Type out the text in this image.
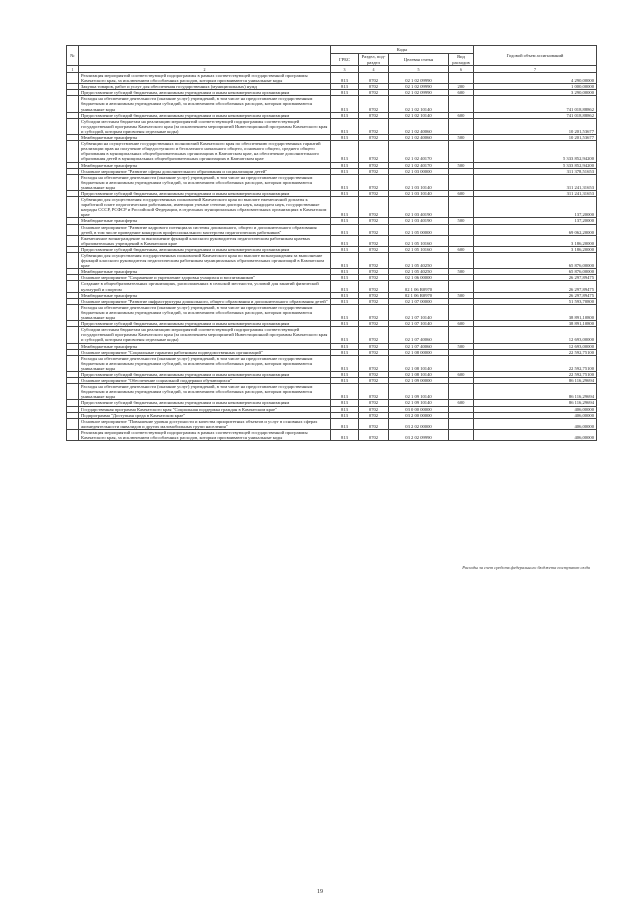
№		Коды				Годовой объем ассигнований
		ГРБС	Раздел, под-раздел	Целевая статья	Вид расходов	
1	2	3	4	5	6	7
	Реализация мероприятий соответствующей подпрограммы в рамках соответствующей государственной программы Камчатского края, за исключением обособленных расходов, которым присваиваются уникальные коды	813	0702	02 1 02 09990		4 290,00000
	Закупка товаров, работ и услуг для обеспечения государственных (муниципальных) нужд	813	0702	02 1 02 09990	200	1 000,00000
	Предоставление субсидий бюджетным, автономным учреждениям и иным некоммерческим организациям	813	0702	02 1 02 09990	600	3 290,00000
	Расходы на обеспечение деятельности (оказание услуг) учреждений, в том числе на предоставление государственным бюджетным и автономным учреждениям субсидий, за исключением обособленных расходов, которым присваиваются уникальные коды	813	0702	02 1 02 10140		741 018,88862
	Предоставление субсидий бюджетным, автономным учреждениям и иным некоммерческим организациям	813	0702	02 1 02 10140	600	741 018,88862
	Субсидии местным бюджетам на реализацию мероприятий соответствующей подпрограммы соответствующей государственной программы Камчатского края (за исключением мероприятий Инвестиционной программы Камчатского края и субсидий, которым присвоены отдельные коды)	813	0702	02 1 02 40060		10 201,53677
	Межбюджетные трансферты	813	0702	02 1 02 40060	500	10 201,53677
	Субвенции на осуществление государственных полномочий Камчатского края по обеспечению государственных гарантий реализации прав на получение общедоступного и бесплатного начального общего, основного общего, среднего общего образования в муниципальных общеобразовательных организациях в Камчатском крае, на обеспечение дополнительного образования детей в муниципальных общеобразовательных организациях в Камчатском крае	813	0702	02 1 02 40170		5 333 852,94200
	Межбюджетные трансферты	813	0702	02 1 02 40170	500	5 333 852,94200
	Основное мероприятие "Развитие сферы дополнительного образования и социализации детей"	813	0702	02 1 03 00000		311 378,51653
	Расходы на обеспечение деятельности (оказание услуг) учреждений, в том числе на предоставление государственным бюджетным и автономным учреждениям субсидий, за исключением обособленных расходов, которым присваиваются уникальные коды	813	0702	02 1 03 10140		311 241,31653
	Предоставление субсидий бюджетным, автономным учреждениям и иным некоммерческим организациям	813	0702	02 1 03 10140	600	311 241,31653
	Субвенции для осуществления государственных полномочий Камчатского края по выплате ежемесячной доплаты к заработной плате педагогическим работникам, имеющим ученые степени доктора наук, кандидата наук, государственные награды СССР, РСФСР и Российской Федерации, в отдельных муниципальных образовательных организациях в Камчатском крае	813	0702	02 1 03 40190		137,20000
	Межбюджетные трансферты	813	0702	02 1 03 40190	500	137,20000
	Основное мероприятие "Развитие кадрового потенциала системы дошкольного, общего и дополнительного образования детей, в том числе проведение конкурсов профессионального мастерства педагогических работников"	813	0702	02 1 05 00000		69 062,20000
	Ежемесячное вознаграждение за выполнение функций классного руководителя педагогическим работникам краевых образовательных учреждений в Камчатском крае	813	0702	02 1 05 10160		3 186,20000
	Предоставление субсидий бюджетным, автономным учреждениям и иным некоммерческим организациям	813	0702	02 1 05 10160	600	3 186,20000
	Субвенции для осуществления государственных полномочий Камчатского края по выплате вознаграждения за выполнение функций классного руководителя педагогическим работникам муниципальных образовательных организаций в Камчатском крае	813	0702	02 1 05 40250		65 876,00000
	Межбюджетные трансферты	813	0702	02 1 05 40250	500	65 876,00000
	Основное мероприятие "Сохранение и укрепление здоровья учащихся и воспитанников"	813	0702	02 1 06 00000		26 297,89475
	Создание в общеобразовательных организациях, расположенных в сельской местности, условий для занятий физической культурой и спортом	813	0702	02 1 06 R0970		26 297,89475
	Межбюджетные трансферты	813	0702	02 1 06 R0970	500	26 297,89475
	Основное мероприятие "Развитие инфраструктуры дошкольного, общего образования и дополнительного образования детей"	813	0702	02 1 07 00000		51 593,70800
	Расходы на обеспечение деятельности (оказание услуг) учреждений, в том числе на предоставление государственным бюджетным и автономным учреждениям субсидий, за исключением обособленных расходов, которым присваиваются уникальные коды	813	0702	02 1 07 10140		38 891,10800
	Предоставление субсидий бюджетным, автономным учреждениям и иным некоммерческим организациям	813	0702	02 1 07 10140	600	38 891,10800
	Субсидии местным бюджетам на реализацию мероприятий соответствующей подпрограммы соответствующей государственной программы Камчатского края (за исключением мероприятий Инвестиционной программы Камчатского края и субсидий, которым присвоены отдельные коды)	813	0702	02 1 07 40060		12 693,00000
	Межбюджетные трансферты	813	0702	02 1 07 40060	500	12 693,00000
	Основное мероприятие "Социальные гарантии работникам подведомственных организаций"	813	0702	02 1 08 00000		22 592,75100
	Расходы на обеспечение деятельности (оказание услуг) учреждений, в том числе на предоставление государственным бюджетным и автономным учреждениям субсидий, за исключением обособленных расходов, которым присваиваются уникальные коды	813	0702	02 1 08 10140		22 592,75100
	Предоставление субсидий бюджетным, автономным учреждениям и иным некоммерческим организациям	813	0702	02 1 08 10140	600	22 592,75100
	Основное мероприятие "Обеспечение социальной поддержки обучающихся"	813	0702	02 1 09 00000		86 116,29694
	Расходы на обеспечение деятельности (оказание услуг) учреждений, в том числе на предоставление государственным бюджетным и автономным учреждениям субсидий, за исключением обособленных расходов, которым присваиваются уникальные коды	813	0702	02 1 09 10140		86 116,29694
	Предоставление субсидий бюджетным, автономным учреждениям и иным некоммерческим организациям	813	0702	02 1 09 10140	600	86 116,29694
	Государственная программа Камчатского края "Социальная поддержка граждан в Камчатском крае"	813	0702	03 0 00 00000		406,00000
	Подпрограмма "Доступная среда в Камчатском крае"	813	0702	03 2 00 00000		406,00000
	Основное мероприятие "Повышение уровня доступности и качества приоритетных объектов и услуг в основных сферах жизнедеятельности инвалидов и других маломобильных групп населения"	813	0702	03 2 02 00000		406,00000
	Реализация мероприятий соответствующей подпрограммы в рамках соответствующей государственной программы Камчатского края, за исключением обособленных расходов, которым присваиваются уникальные коды	813	0702	03 2 02 09990		406,00000
Расходы за счет средств федерального бюджета поступают сюда
19
